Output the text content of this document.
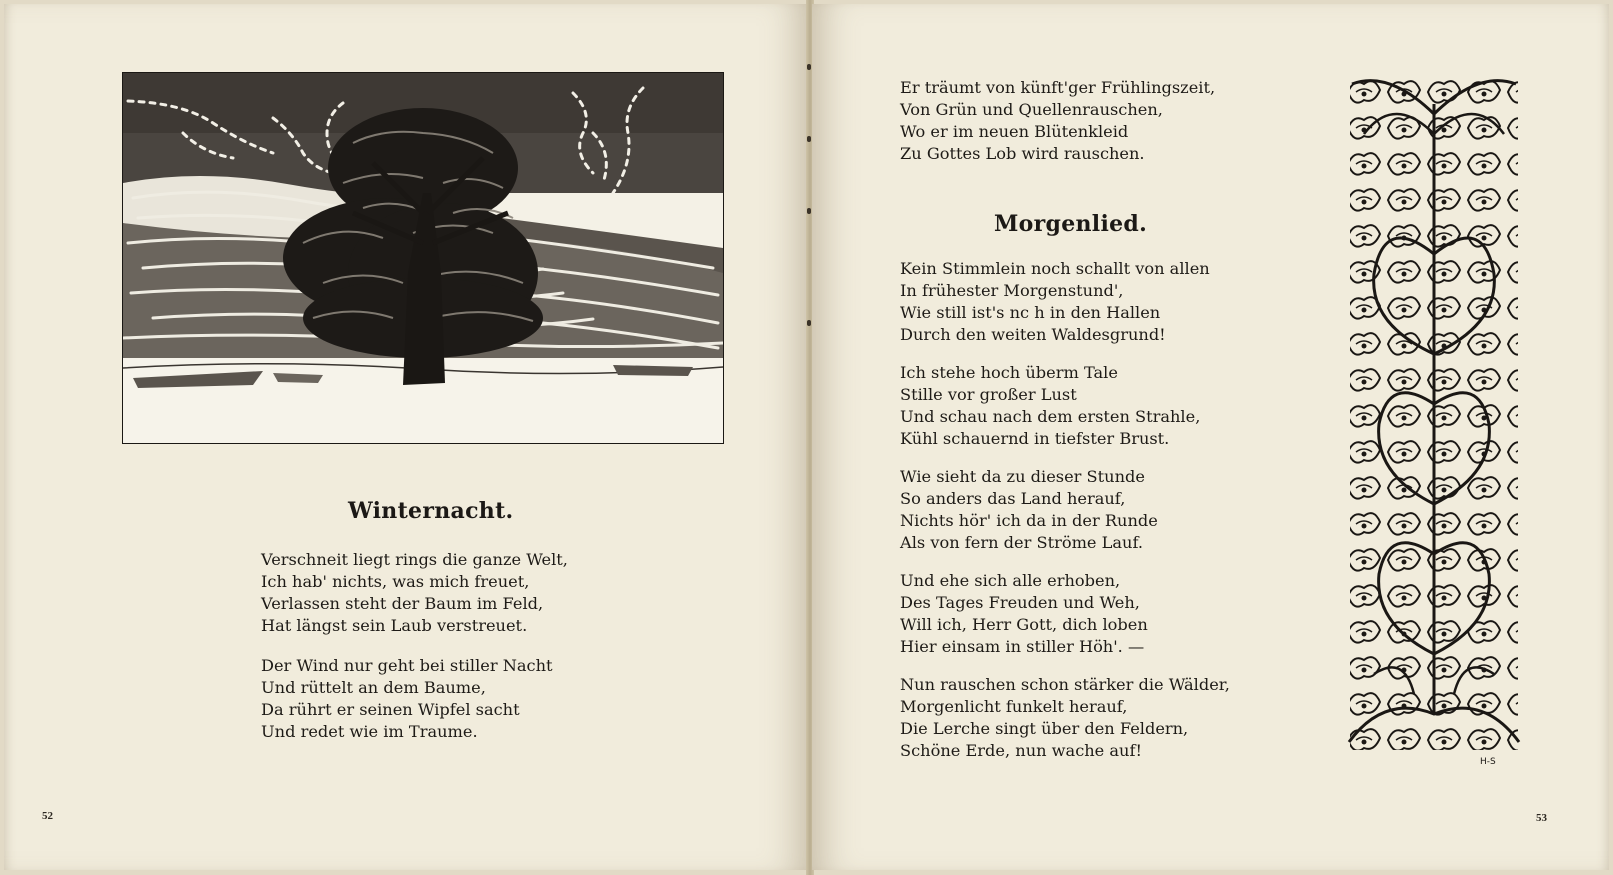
Winternacht.
Verschneit liegt rings die ganze Welt,
Ich hab' nichts, was mich freuet,
Verlassen steht der Baum im Feld,
Hat längst sein Laub verstreuet.
Der Wind nur geht bei stiller Nacht
Und rüttelt an dem Baume,
Da rührt er seinen Wipfel sacht
Und redet wie im Traume.
52
Er träumt von künft'ger Frühlingszeit,
Von Grün und Quellenrauschen,
Wo er im neuen Blütenkleid
Zu Gottes Lob wird rauschen.
Morgenlied.
Kein Stimmlein noch schallt von allen
In frühester Morgenstund',
Wie still ist's nc h in den Hallen
Durch den weiten Waldesgrund!
Ich stehe hoch überm Tale
Stille vor großer Lust
Und schau nach dem ersten Strahle,
Kühl schauernd in tiefster Brust.
Wie sieht da zu dieser Stunde
So anders das Land herauf,
Nichts hör' ich da in der Runde
Als von fern der Ströme Lauf.
Und ehe sich alle erhoben,
Des Tages Freuden und Weh,
Will ich, Herr Gott, dich loben
Hier einsam in stiller Höh'. —
Nun rauschen schon stärker die Wälder,
Morgenlicht funkelt herauf,
Die Lerche singt über den Feldern,
Schöne Erde, nun wache auf!
H-S
53
